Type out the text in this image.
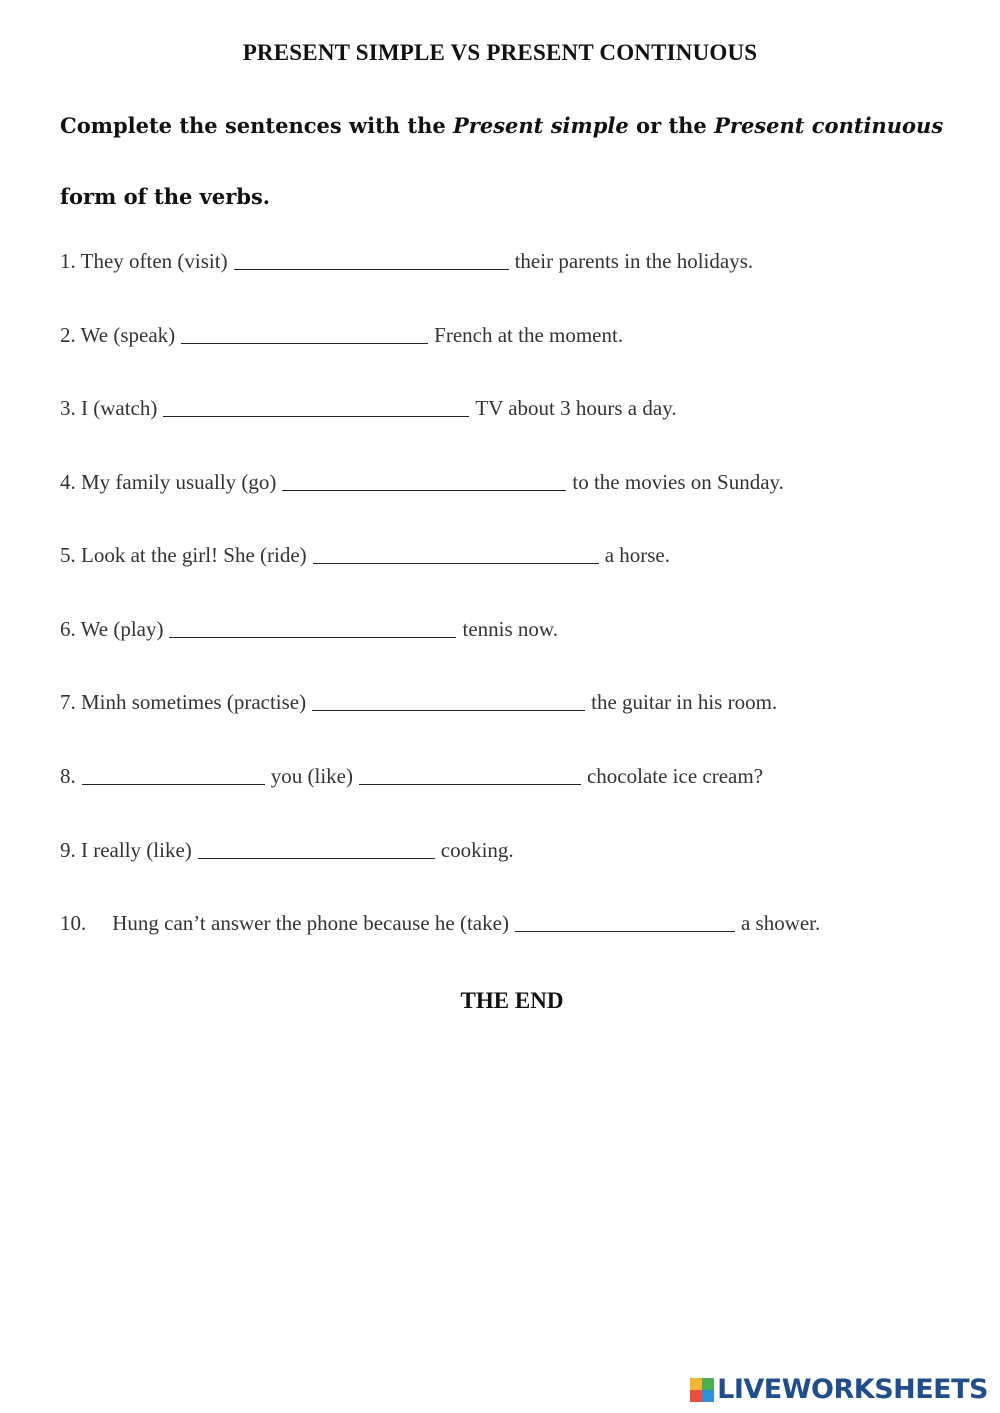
PRESENT SIMPLE VS PRESENT CONTINUOUS
Complete the sentences with the Present simple or the Present continuous
form of the verbs.
1. They often (visit)	their parents in the holidays.
2. We (speak)	French at the moment.
3. I (watch)	TV about 3 hours a day.
4. My family usually (go)	to the movies on Sunday.
5. Look at the girl! She (ride)	a horse.
6. We (play)	tennis now.
7. Minh sometimes (practise)	the guitar in his room.
8.	you (like)	chocolate ice cream?
9. I really (like)	cooking.
10. Hung can’t answer the phone because he (take)	a shower.
THE END
LIVEWORKSHEETS
